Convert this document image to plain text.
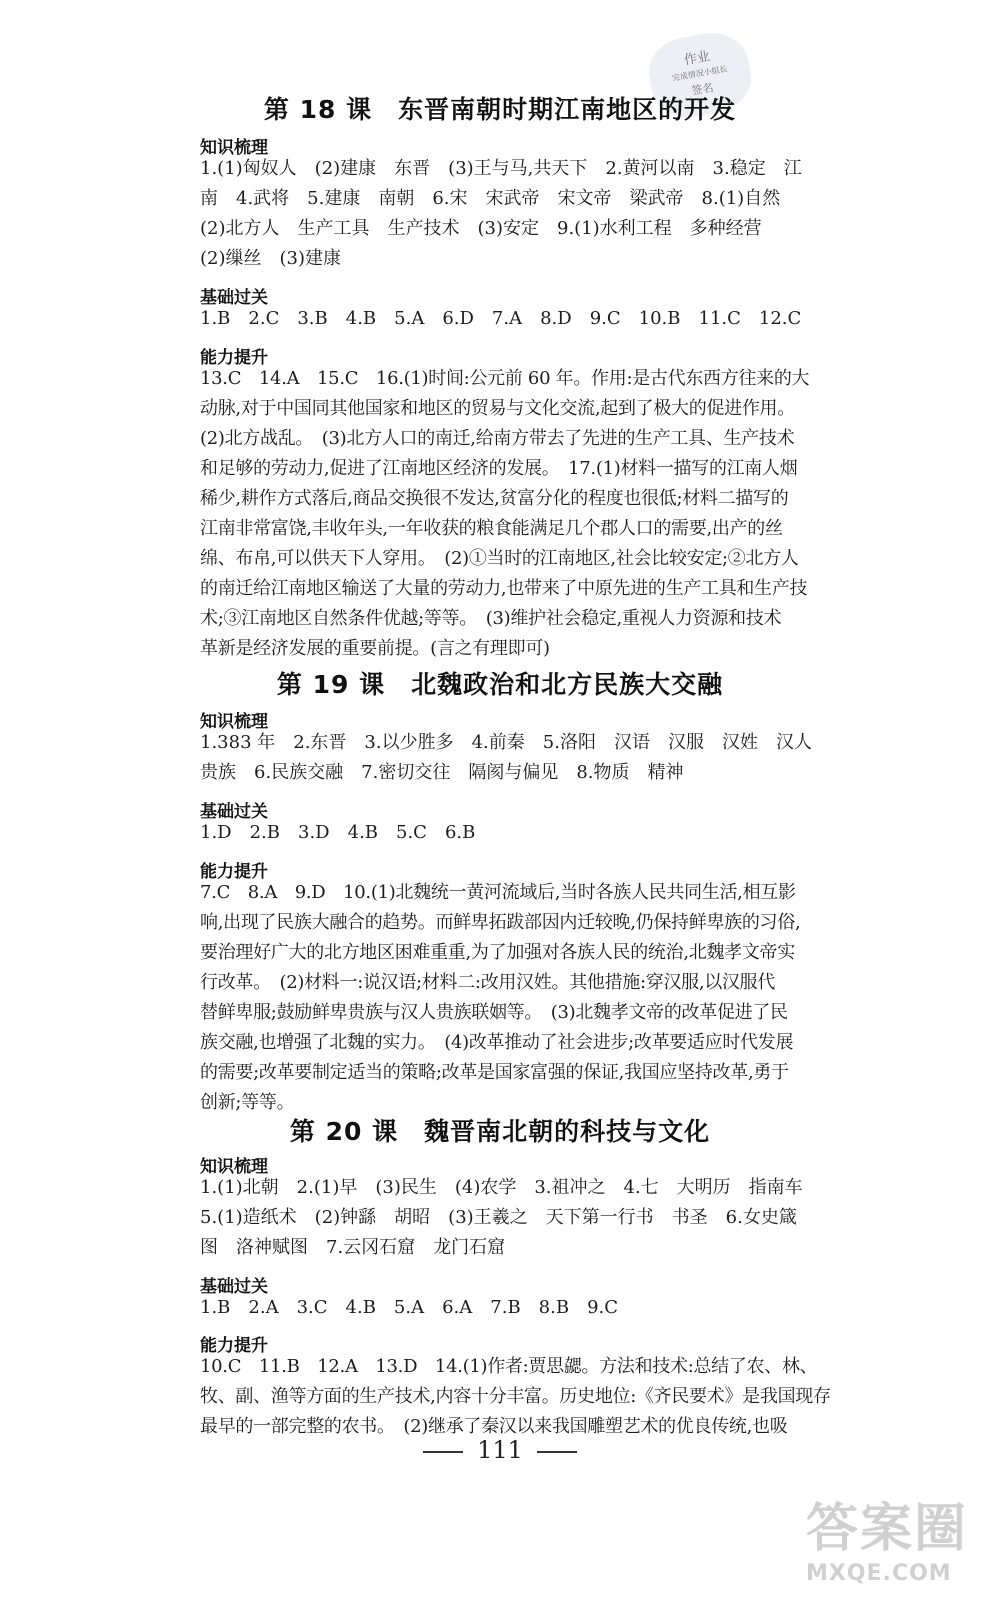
作业
完成情况小组长
签名
第 18 课　东晋南朝时期江南地区的开发
知识梳理
1.(1)匈奴人　(2)建康　东晋　(3)王与马,共天下　2.黄河以南　3.稳定　江
南　4.武将　5.建康　南朝　6.宋　宋武帝　宋文帝　梁武帝　8.(1)自然
(2)北方人　生产工具　生产技术　(3)安定　9.(1)水利工程　多种经营
(2)缫丝　(3)建康
基础过关
1.B　2.C　3.B　4.B　5.A　6.D　7.A　8.D　9.C　10.B　11.C　12.C
能力提升
13.C　14.A　15.C　16.(1)时间:公元前 60 年。作用:是古代东西方往来的大
动脉,对于中国同其他国家和地区的贸易与文化交流,起到了极大的促进作用。
(2)北方战乱。　(3)北方人口的南迁,给南方带去了先进的生产工具、生产技术
和足够的劳动力,促进了江南地区经济的发展。　17.(1)材料一描写的江南人烟
稀少,耕作方式落后,商品交换很不发达,贫富分化的程度也很低;材料二描写的
江南非常富饶,丰收年头,一年收获的粮食能满足几个郡人口的需要,出产的丝
绵、布帛,可以供天下人穿用。　(2)①当时的江南地区,社会比较安定;②北方人
的南迁给江南地区输送了大量的劳动力,也带来了中原先进的生产工具和生产技
术;③江南地区自然条件优越;等等。　(3)维护社会稳定,重视人力资源和技术
革新是经济发展的重要前提。(言之有理即可)
第 19 课　北魏政治和北方民族大交融
知识梳理
1.383 年　2.东晋　3.以少胜多　4.前秦　5.洛阳　汉语　汉服　汉姓　汉人
贵族　6.民族交融　7.密切交往　隔阂与偏见　8.物质　精神
基础过关
1.D　2.B　3.D　4.B　5.C　6.B
能力提升
7.C　8.A　9.D　10.(1)北魏统一黄河流域后,当时各族人民共同生活,相互影
响,出现了民族大融合的趋势。而鲜卑拓跋部因内迁较晚,仍保持鲜卑族的习俗,
要治理好广大的北方地区困难重重,为了加强对各族人民的统治,北魏孝文帝实
行改革。　(2)材料一:说汉语;材料二:改用汉姓。其他措施:穿汉服,以汉服代
替鲜卑服;鼓励鲜卑贵族与汉人贵族联姻等。　(3)北魏孝文帝的改革促进了民
族交融,也增强了北魏的实力。　(4)改革推动了社会进步;改革要适应时代发展
的需要;改革要制定适当的策略;改革是国家富强的保证,我国应坚持改革,勇于
创新;等等。
第 20 课　魏晋南北朝的科技与文化
知识梳理
1.(1)北朝　2.(1)早　(3)民生　(4)农学　3.祖冲之　4.七　大明历　指南车
5.(1)造纸术　(2)钟繇　胡昭　(3)王羲之　天下第一行书　书圣　6.女史箴
图　洛神赋图　7.云冈石窟　龙门石窟
基础过关
1.B　2.A　3.C　4.B　5.A　6.A　7.B　8.B　9.C
能力提升
10.C　11.B　12.A　13.D　14.(1)作者:贾思勰。方法和技术:总结了农、林、
牧、副、渔等方面的生产技术,内容十分丰富。历史地位:《齐民要术》是我国现存
最早的一部完整的农书。　(2)继承了秦汉以来我国雕塑艺术的优良传统,也吸
111
答案圈
MXQE.COM
